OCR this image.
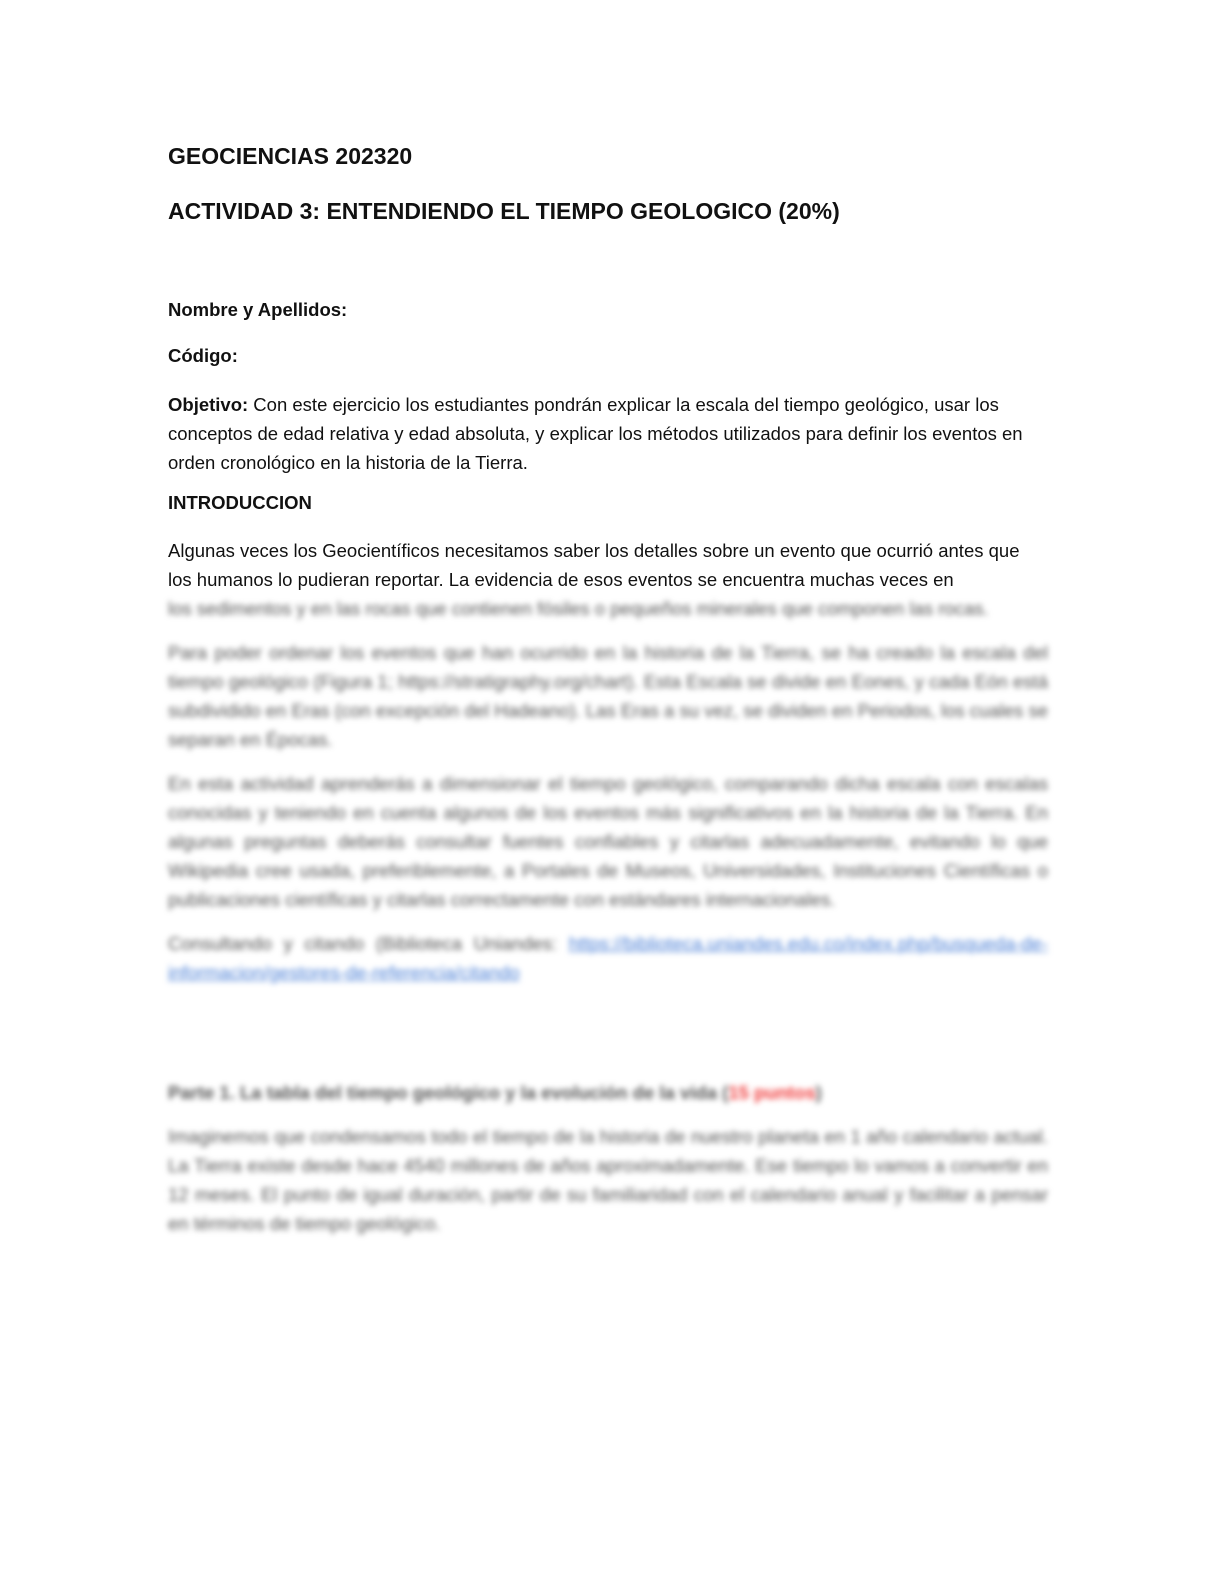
GEOCIENCIAS 202320
ACTIVIDAD 3: ENTENDIENDO EL TIEMPO GEOLOGICO (20%)
Nombre y Apellidos:
Código:

Objetivo: Con este ejercicio los estudiantes pondrán explicar la escala del tiempo geológico, usar los conceptos de edad relativa y edad absoluta, y explicar los métodos utilizados para definir los eventos en orden cronológico en la historia de la Tierra.

INTRODUCCION

Algunas veces los Geocientíficos necesitamos saber los detalles sobre un evento que ocurrió antes que los humanos lo pudieran reportar. La evidencia de esos eventos se encuentra muchas veces en

los sedimentos y en las rocas que contienen fósiles o pequeños minerales que componen las rocas.

Para poder ordenar los eventos que han ocurrido en la historia de la Tierra, se ha creado la escala del tiempo geológico (Figura 1; https://stratigraphy.org/chart). Esta Escala se divide en Eones, y cada Eón está subdividido en Eras (con excepción del Hadeano). Las Eras a su vez, se dividen en Periodos, los cuales se separan en Épocas.

En esta actividad aprenderás a dimensionar el tiempo geológico, comparando dicha escala con escalas conocidas y teniendo en cuenta algunos de los eventos más significativos en la historia de la Tierra. En algunas preguntas deberás consultar fuentes confiables y citarlas adecuadamente, evitando lo que Wikipedia cree usada, preferiblemente, a Portales de Museos, Universidades, Instituciones Científicas o publicaciones científicas y citarlas correctamente con estándares internacionales.

Consultando y citando (Biblioteca Uniandes: https://biblioteca.uniandes.edu.co/index.php/busqueda-de-informacion/gestores-de-referencia/citando

Parte 1. La tabla del tiempo geológico y la evolución de la vida (15 puntos)

Imaginemos que condensamos todo el tiempo de la historia de nuestro planeta en 1 año calendario actual. La Tierra existe desde hace 4540 millones de años aproximadamente. Ese tiempo lo vamos a convertir en 12 meses. El punto de igual duración, partir de su familiaridad con el calendario anual y facilitar a pensar en términos de tiempo geológico.
